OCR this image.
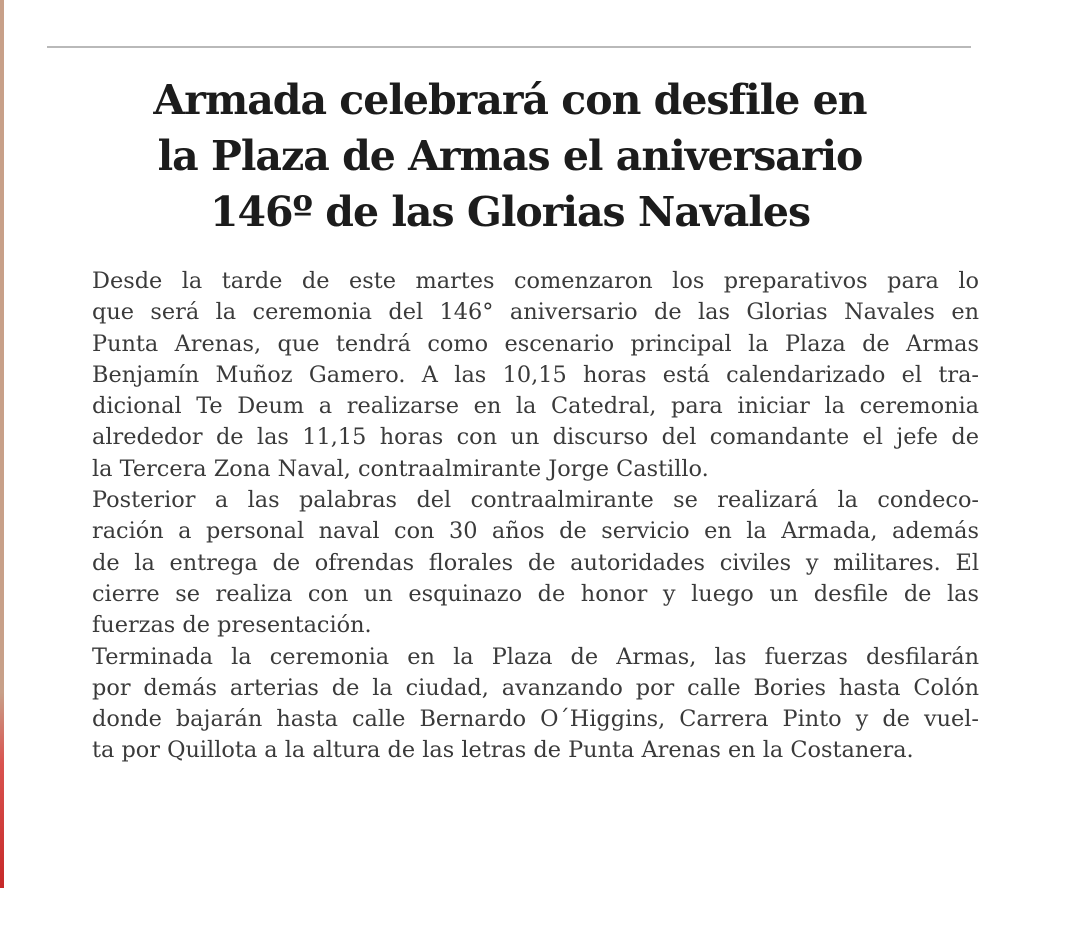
Armada celebrará con desfile en
la Plaza de Armas el aniversario
146º de las Glorias Navales

Desde la tarde de este martes comenzaron los preparativos para lo
que será la ceremonia del 146° aniversario de las Glorias Navales en
Punta Arenas, que tendrá como escenario principal la Plaza de Armas
Benjamín Muñoz Gamero. A las 10,15 horas está calendarizado el tra-
dicional Te Deum a realizarse en la Catedral, para iniciar la ceremonia
alrededor de las 11,15 horas con un discurso del comandante el jefe de
la Tercera Zona Naval, contraalmirante Jorge Castillo.

Posterior a las palabras del contraalmirante se realizará la condeco-
ración a personal naval con 30 años de servicio en la Armada, además
de la entrega de ofrendas florales de autoridades civiles y militares. El
cierre se realiza con un esquinazo de honor y luego un desfile de las
fuerzas de presentación.

Terminada la ceremonia en la Plaza de Armas, las fuerzas desfilarán
por demás arterias de la ciudad, avanzando por calle Bories hasta Colón
donde bajarán hasta calle Bernardo O´Higgins, Carrera Pinto y de vuel-
ta por Quillota a la altura de las letras de Punta Arenas en la Costanera.
